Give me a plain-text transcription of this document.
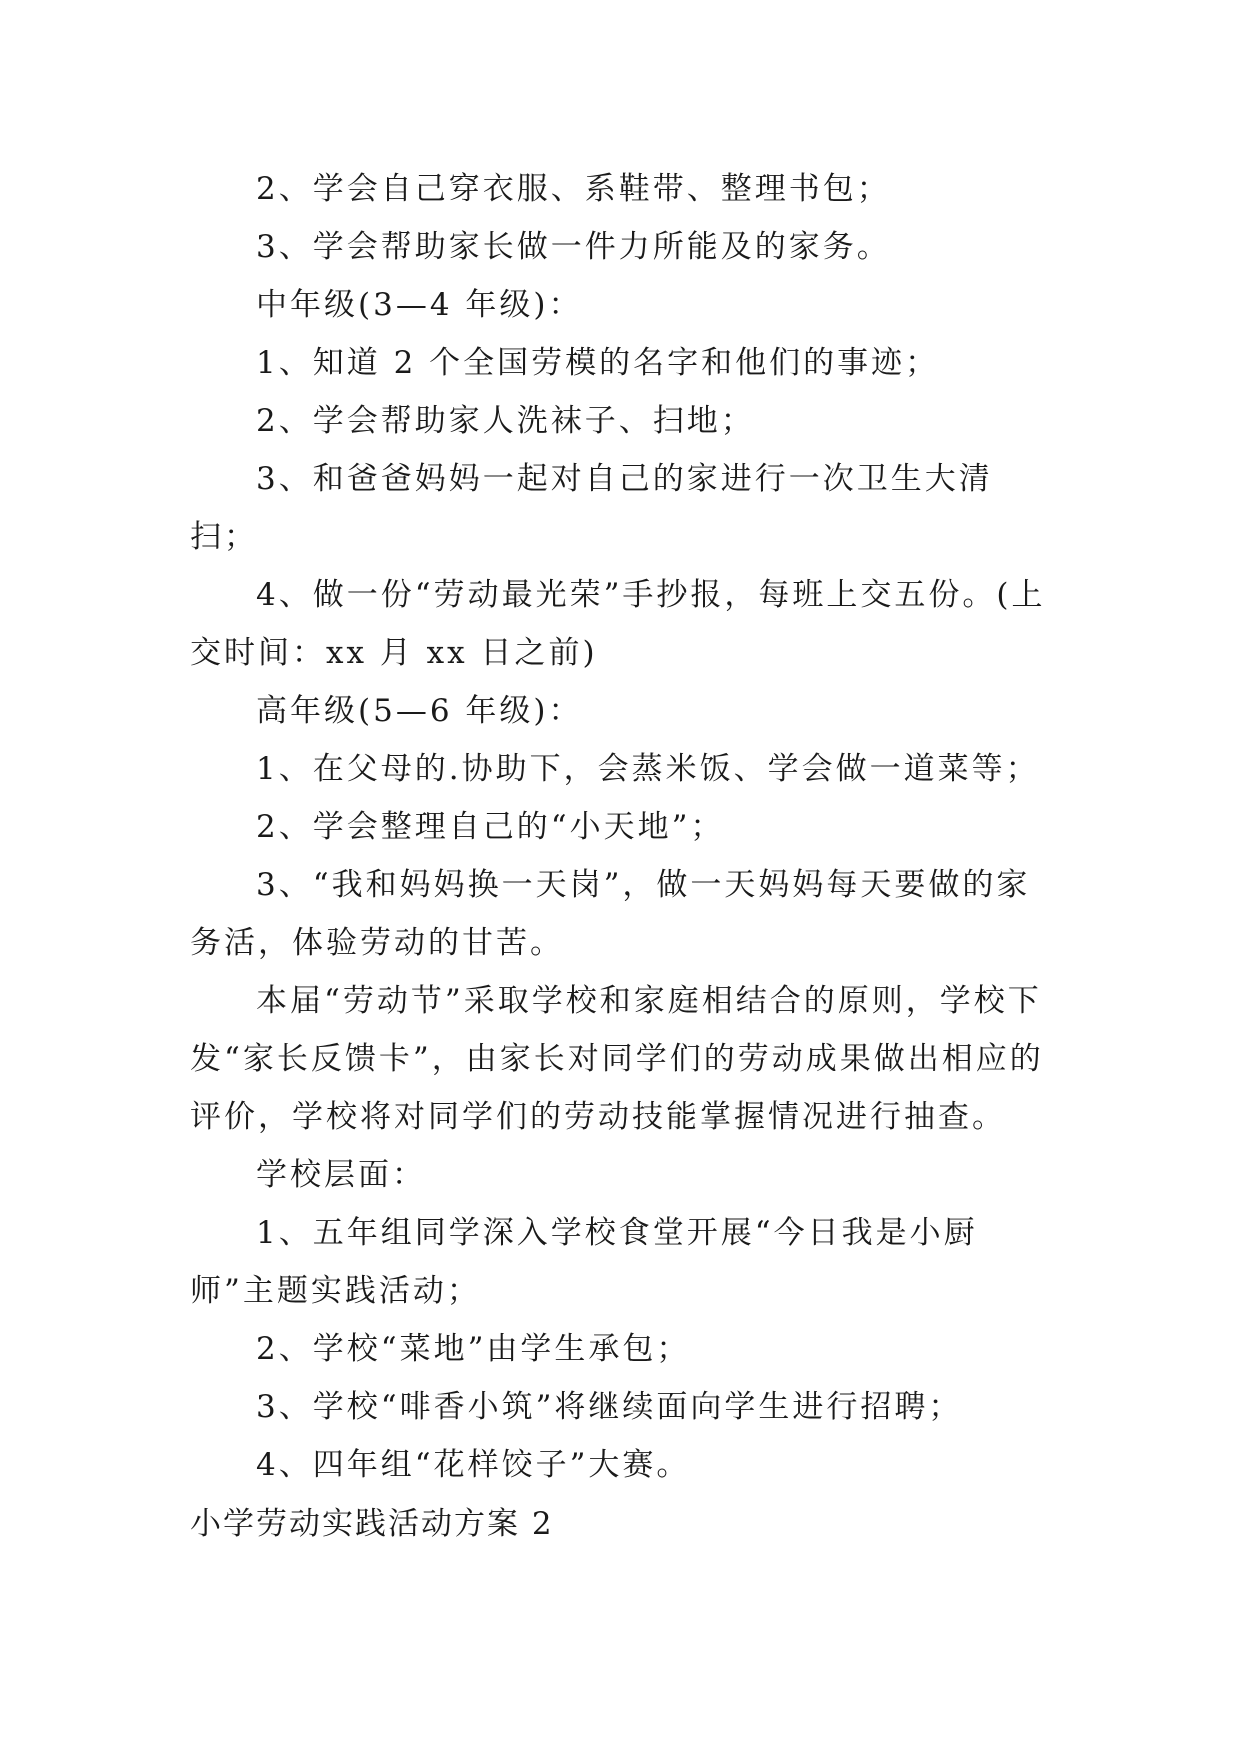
2、学会自己穿衣服、系鞋带、整理书包；

3、学会帮助家长做一件力所能及的家务。

中年级(3—4 年级)：

1、知道 2 个全国劳模的名字和他们的事迹；

2、学会帮助家人洗袜子、扫地；

3、和爸爸妈妈一起对自己的家进行一次卫生大清扫；

4、做一份“劳动最光荣”手抄报，每班上交五份。(上交时间：xx 月 xx 日之前)

高年级(5—6 年级)：

1、在父母的.协助下，会蒸米饭、学会做一道菜等；

2、学会整理自己的“小天地”；

3、“我和妈妈换一天岗”，做一天妈妈每天要做的家务活，体验劳动的甘苦。

本届“劳动节”采取学校和家庭相结合的原则，学校下发“家长反馈卡”，由家长对同学们的劳动成果做出相应的评价，学校将对同学们的劳动技能掌握情况进行抽查。

学校层面：

1、五年组同学深入学校食堂开展“今日我是小厨师”主题实践活动；

2、学校“菜地”由学生承包；

3、学校“啡香小筑”将继续面向学生进行招聘；

4、四年组“花样饺子”大赛。

小学劳动实践活动方案 2
